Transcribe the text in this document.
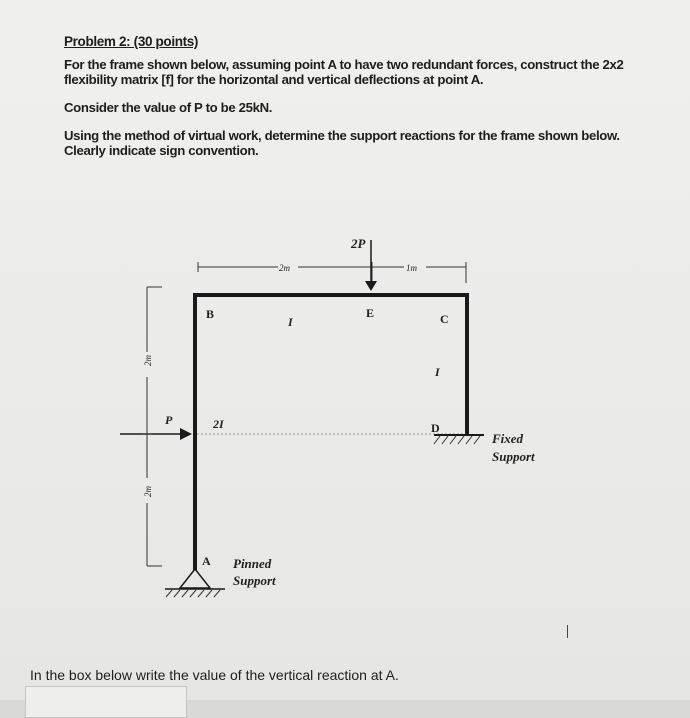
Problem 2: (30 points)
For the frame shown below, assuming point A to have two redundant forces, construct the 2x2
flexibility matrix [f] for the horizontal and vertical deflections at point A.
Consider the value of P to be 25kN.
Using the method of virtual work, determine the support reactions for the frame shown below.
Clearly indicate sign convention.
2m	1m
2P
B	E	C
D
A
I
I
2I
P
2m
2m
Fixed
Support
Pinned
Support
In the box below write the value of the vertical reaction at A.
